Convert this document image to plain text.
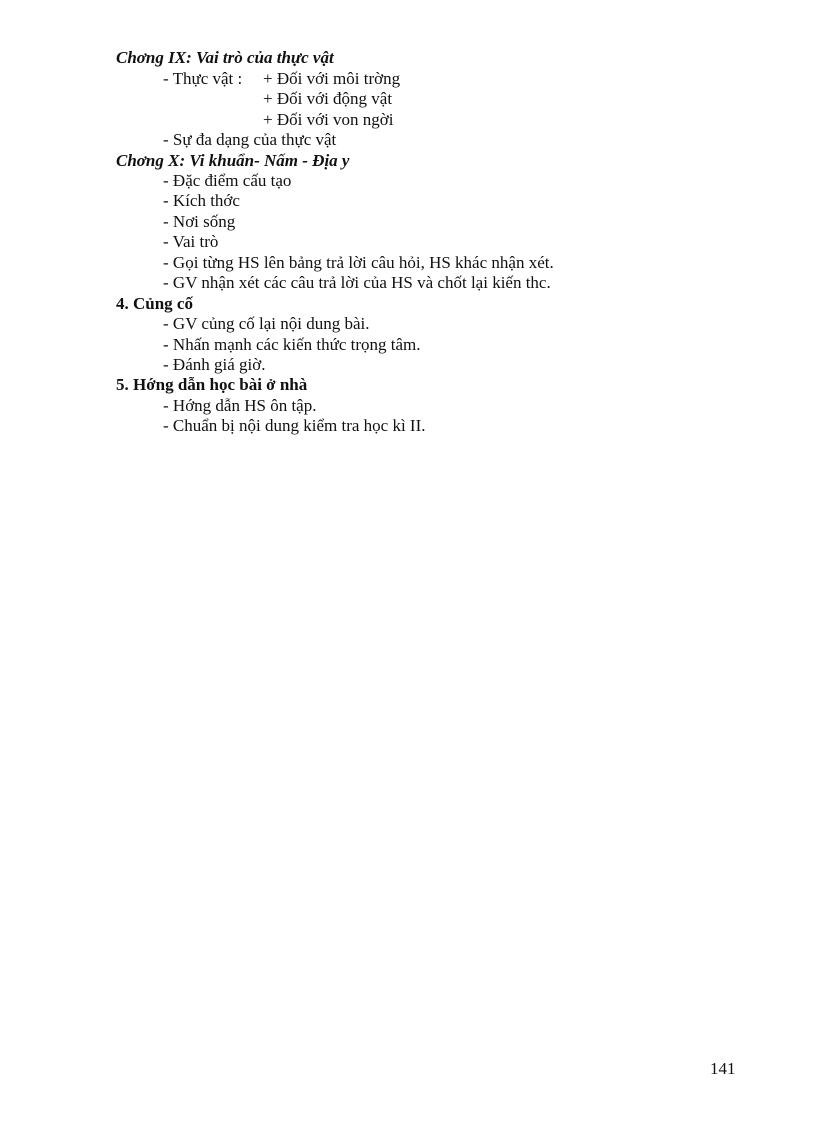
Chơng IX: Vai trò của thực vật
- Thực vật : + Đối với môi trờng
+ Đối với động vật
+ Đối với von ngời
- Sự đa dạng của thực vật
Chơng X: Vi khuẩn- Nấm - Địa y
- Đặc điểm cấu tạo
- Kích thớc
- Nơi sống
- Vai trò
- Gọi từng HS lên bảng trả lời câu hỏi, HS khác nhận xét.
- GV nhận xét các câu trả lời của HS và chốt lại kiến thc.
4. Củng cố
- GV củng cố lại nội dung bài.
- Nhấn mạnh các kiến thức trọng tâm.
- Đánh giá giờ.
5. Hớng dẫn học bài ở nhà
- Hớng dẫn HS ôn tập.
- Chuẩn bị nội dung kiểm tra học kì II.
141
